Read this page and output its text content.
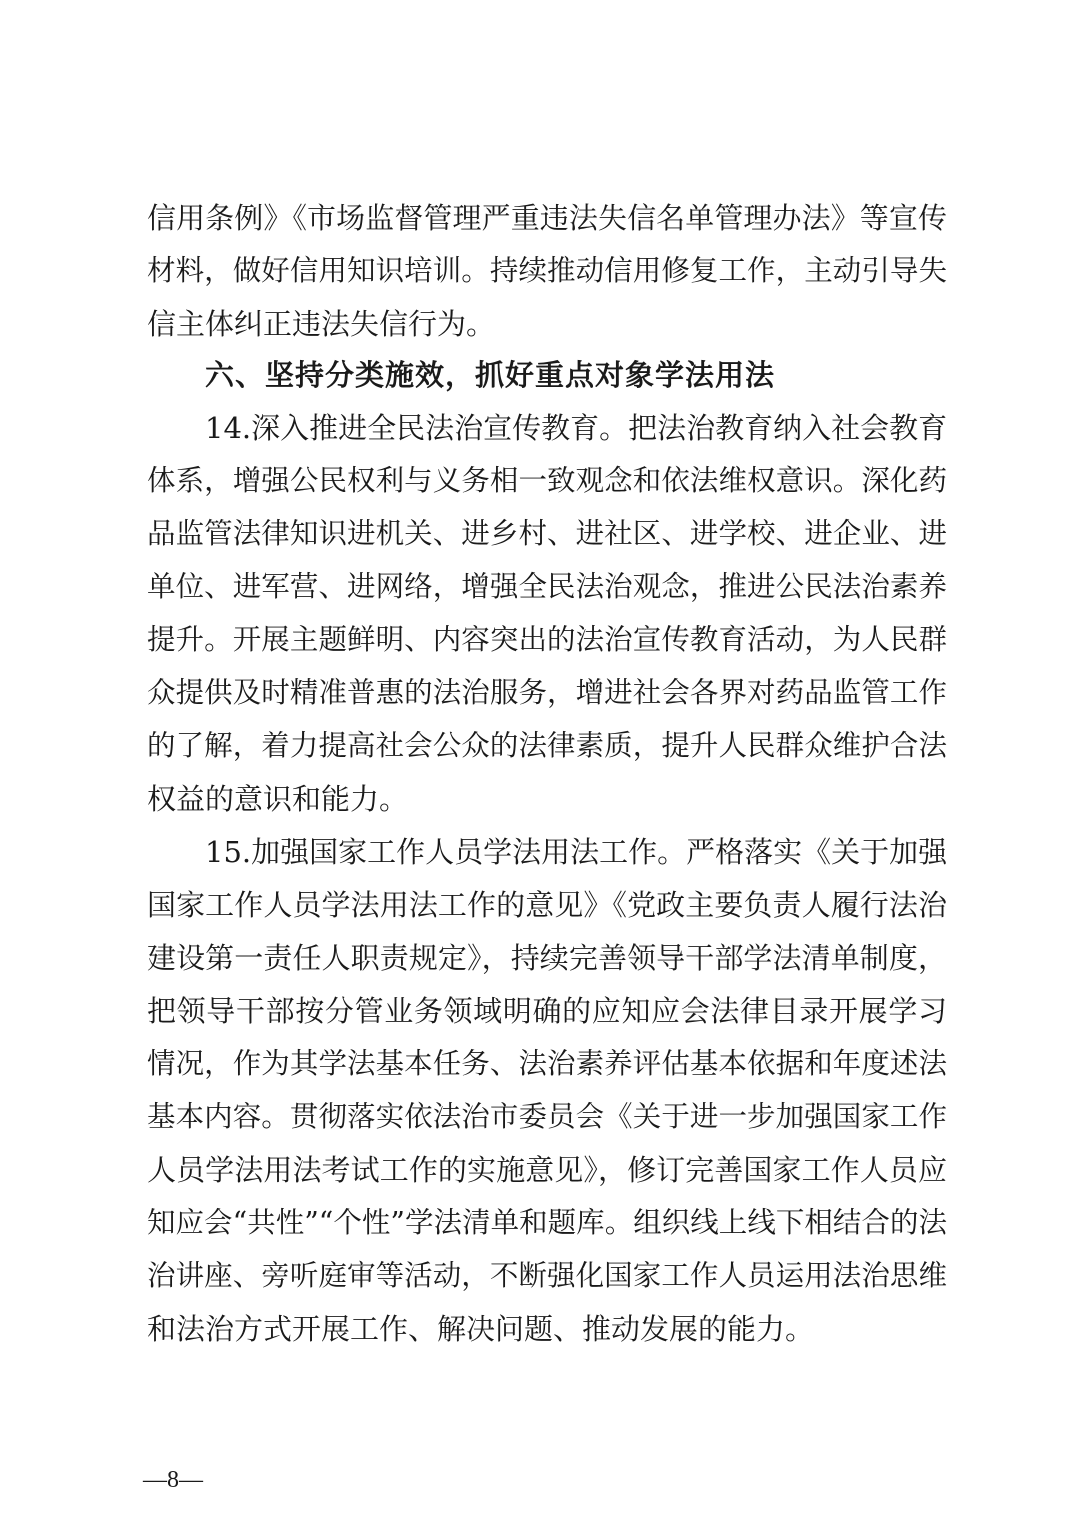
信用条例》《市场监督管理严重违法失信名单管理办法》等宣传
材料，做好信用知识培训。持续推动信用修复工作，主动引导失
信主体纠正违法失信行为。
六、坚持分类施效，抓好重点对象学法用法
14.深入推进全民法治宣传教育。把法治教育纳入社会教育
体系，增强公民权利与义务相一致观念和依法维权意识。深化药
品监管法律知识进机关、进乡村、进社区、进学校、进企业、进
单位、进军营、进网络，增强全民法治观念，推进公民法治素养
提升。开展主题鲜明、内容突出的法治宣传教育活动，为人民群
众提供及时精准普惠的法治服务，增进社会各界对药品监管工作
的了解，着力提高社会公众的法律素质，提升人民群众维护合法
权益的意识和能力。
15.加强国家工作人员学法用法工作。严格落实《关于加强
国家工作人员学法用法工作的意见》《党政主要负责人履行法治
建设第一责任人职责规定》，持续完善领导干部学法清单制度，
把领导干部按分管业务领域明确的应知应会法律目录开展学习
情况，作为其学法基本任务、法治素养评估基本依据和年度述法
基本内容。贯彻落实依法治市委员会《关于进一步加强国家工作
人员学法用法考试工作的实施意见》，修订完善国家工作人员应
知应会“共性”“个性”学法清单和题库。组织线上线下相结合的法
治讲座、旁听庭审等活动，不断强化国家工作人员运用法治思维
和法治方式开展工作、解决问题、推动发展的能力。
—8—
